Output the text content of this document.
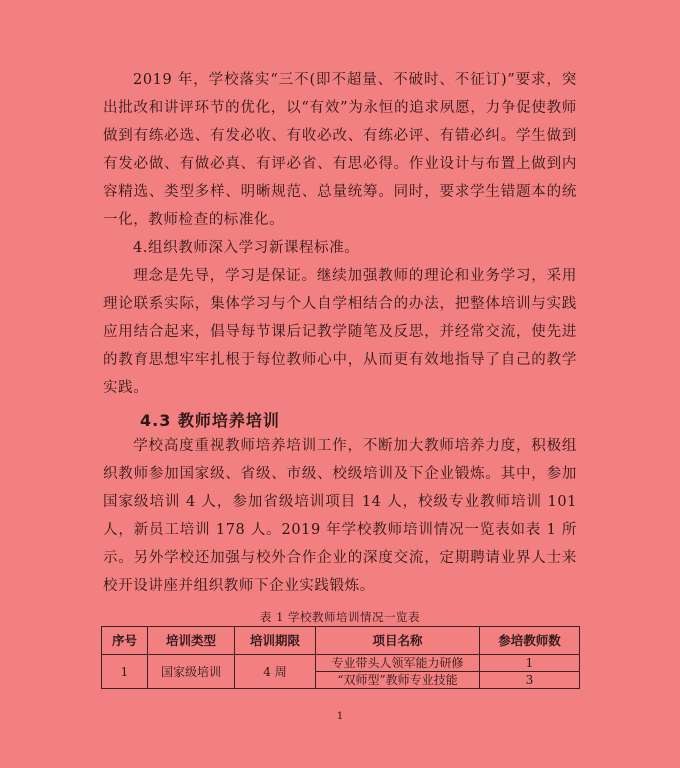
2019 年，学校落实“三不(即不超量、不破时、不征订)”要求，突出批改和讲评环节的优化，以“有效”为永恒的追求夙愿，力争促使教师做到有练必选、有发必收、有收必改、有练必评、有错必纠。学生做到有发必做、有做必真、有评必省、有思必得。作业设计与布置上做到内容精选、类型多样、明晰规范、总量统筹。同时，要求学生错题本的统一化，教师检查的标准化。
4.组织教师深入学习新课程标准。
理念是先导，学习是保证。继续加强教师的理论和业务学习，采用理论联系实际，集体学习与个人自学相结合的办法，把整体培训与实践应用结合起来，倡导每节课后记教学随笔及反思，并经常交流，使先进的教育思想牢牢扎根于每位教师心中，从而更有效地指导了自己的教学实践。
4.3 教师培养培训
学校高度重视教师培养培训工作，不断加大教师培养力度，积极组织教师参加国家级、省级、市级、校级培训及下企业锻炼。其中，参加国家级培训 4 人，参加省级培训项目 14 人，校级专业教师培训 101 人，新员工培训 178 人。2019 年学校教师培训情况一览表如表 1 所示。另外学校还加强与校外合作企业的深度交流，定期聘请业界人士来校开设讲座并组织教师下企业实践锻炼。
表 1 学校教师培训情况一览表
序号	培训类型	培训期限	项目名称	参培教师数
1	国家级培训	4 周	专业带头人领军能力研修	1
			“双师型”教师专业技能	3
1
